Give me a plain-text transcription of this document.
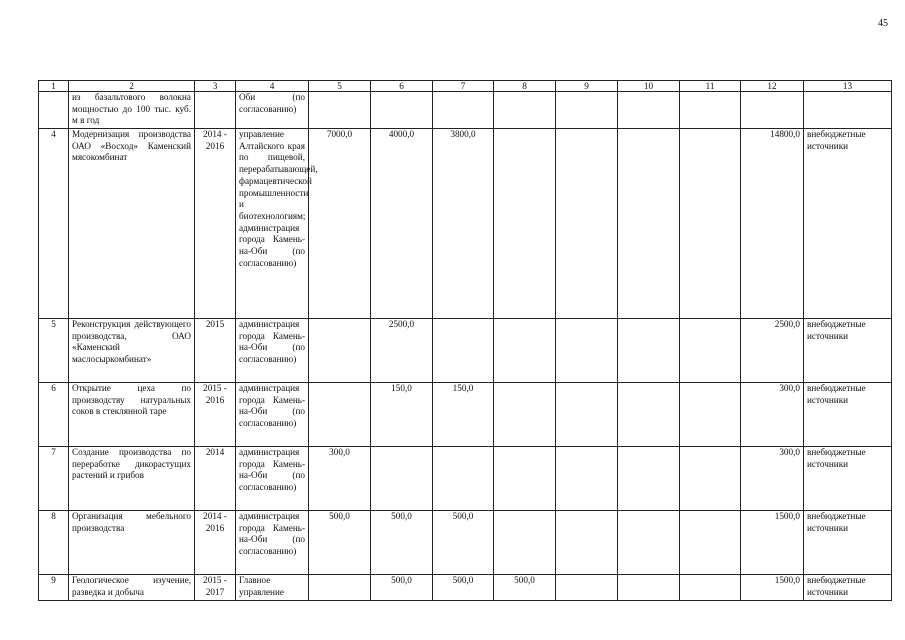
45
1	2	3	4	5	6	7	8	9	10	11	12	13
	из базальтового волокна мощностью до 100 тыс. куб. м в год		Оби (по согласованию)									
4	Модернизация производства ОАО «Восход» Каменский мясокомбинат	2014 - 2016	управление Алтайского края по пищевой, перерабатывающей, фармацевтической промышленности и биотехнологиям; администрация города Камень-на-Оби (по согласованию)	7000,0	4000,0	3800,0					14800,0	внебюджетные источники
5	Реконструкция действующего производства, ОАО «Каменский маслосыркомбинат»	2015	администрация города Камень-на-Оби (по согласованию)		2500,0						2500,0	внебюджетные источники
6	Открытие цеха по производству натуральных соков в стеклянной таре	2015 - 2016	администрация города Камень-на-Оби (по согласованию)		150,0	150,0					300,0	внебюджетные источники
7	Создание производства по переработке дикорастущих растений и грибов	2014	администрация города Камень-на-Оби (по согласованию)	300,0							300,0	внебюджетные источники
8	Организация мебельного производства	2014 - 2016	администрация города Камень-на-Оби (по согласованию)	500,0	500,0	500,0					1500,0	внебюджетные источники
9	Геологическое изучение, разведка и добыча	2015 - 2017	Главное управление		500,0	500,0	500,0				1500,0	внебюджетные источники
